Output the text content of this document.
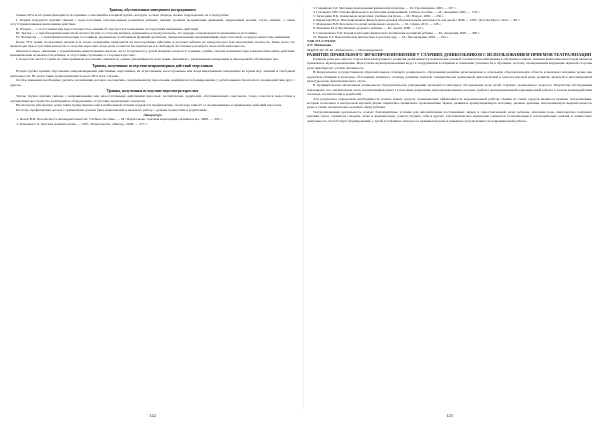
Травмы, обусловленные поведением пострадавшего

Свыше 40% всех травм приходится по причине, относящейся к первой группе, которую, в свою очередь, можно подразделить на 4 подгруппы:

I. Первая подгруппа причин связана с недостаточным сенсомоторным развитием ребенка: низким уровнем координации движений, нарушением зрения, слуха, памяти, а также отсутствием навыков выполнения действия.

II. Вторая — с отсутствием или недостаточностью знаний об опасности и возможных последствиях выбранных действий.

III. Третья — с преобладанием известной опасности или со стороны ребенка, неумением ее предусмотреть, что нередко сопровождается незнанием ее источника.

IV. Четвертая — с психофизиологическим состоянием, временным ослаблением функций организма, эмоциональными переживаниями, недостаточной сосредоточенностью внимания.

Более 70% травм, полученных детьми в-за своего поведения, приходится на неосторожные действия, в которых ребенок не предусмотрел или недооценил опасность. Чаще всего это происходит при отсутствии контроля со стороны взрослых, когда дети остаются без присмотра и в свободной обстановке реализуют свою любознательность.

Опасная в мере, связанная с ограниченным двигательным опытом, часто встречается у детей младшего возраста: падение, ушибы, порезы возникают при попытке выполнить действия, превышающие возможности ребенка, и отсутствии страховки со стороны взрослых.

С возрастом частота травм по этим причинам постепенно снижается, однако увеличивается доля травм, связанных с рискованным поведением и переоценкой собственных сил.

Травмы, полученные вследствие неправомерных действий сверстников

Вторая группа причин обусловлена неправомерными действиями сверстников, их агрессивным, неосторожным или неорганизованным поведением во время игр, занятий и свободной деятельности. На долю таких травм приходится около 20% всех случаев.

Особое внимание необходимо уделять организации детского коллектива, своевременному пресечению конфликтов и формированию у детей навыков безопасного взаимодействия друг с другом.

Травмы, полученные вследствие недосмотра взрослых

Третья группа причин связана с неправильными или недостаточными действиями взрослых: воспитателей, родителей, обслуживающего персонала. Сюда относятся недостатки в организации пространства, неисправное оборудование, отсутствие надлежащего контроля.

Несмотря на небольшую долю таких травм, именно они в наибольшей степени поддаются профилактике, поскольку зависят от своевременных и правильных действий взрослых.

Поэтому профилактика детского травматизма должна быть комплексной и включать работу с детьми, педагогами и родителями.

Литература

1. Белов В.И. Безопасность жизнедеятельности: Учебное пособие. — М.: Издательско-торговая корпорация «Дашков и К», 2008. — 352 с.
2. Бахарева Г.А. Детская травматология. — СПб.: Издательство «Питер», 2008. — 377 с.
122

3. Гаврищова Т.Д. Методика преподавания физической культуры. — М.: Просвещение, 2003. — 207 с.

4. Гуленкова Л.Ю. Основы физического воспитания дошкольников: учебное пособие. — М.: Академия, 2005. — 176 с.

5. Загвоздкин В.К. Дошкольная педагогика: учебник для вузов. — М.: Владос, 2002. — 256 с.

6. Кириллова Ю.А. Интегрированная физкультурно-речевая образовательная деятельность для детей с ОНР. — СПб.: Детство-Пресс, 2012. — 80 с.

7. Макаренко В.Н. Безопасность детей дошкольного возраста. — М.: Сфера, 2013. — 128 с.

8. Маханева М.Д. Воспитание здорового ребенка. — М.: Аркти, 2000. — 112 с.

9. Степаненкова Э.Я. Теория и методика физического воспитания и развития ребенка. — М.: Академия, 2005. — 368 с.

10. Юдина Е.Г. Педагогическая диагностика в детском саду. — М.: Просвещение, 2003. — 192 с.

УДК 373.2:376.833

Т.Л. Митюкова

МАДОУ ДС № 46 «Забавушка», г. Нижневартовск

РАЗВИТИЕ ПРАВИЛЬНОГО ЗВУКОПРОИЗНОШЕНИЯ У СТАРШИХ ДОШКОЛЬНИКОВ С ИСПОЛЬЗОВАНИЕМ ПРИЕМОВ ТЕАТРАЛИЗАЦИИ

Развитие речи как одна из сторон интеллектуального развития детей является показателем речевой готовности воспитанника к обучению в школе, важным компонентом которой является правильное звукопроизношение. Недостатки звукопроизношения ведут к затруднениям в общении и снижению успешности в обучении, поэтому своевременная коррекция звуковой стороны речи приобретает особую значимость.

В Федеральном государственном образовательном стандарте дошкольного образования развитие речи выделено в отдельную образовательную область и включает владение речью как средством общения и культуры, обогащение активного словаря, развитие связной, грамматически правильной диалогической и монологической речи, развитие звуковой и интонационной культуры речи, фонематического слуха.

В муниципальном автономном дошкольном образовательном учреждении проводится ежегодное обследование речи детей старшего дошкольного возраста. Результаты обследования показывают, что значительная часть воспитанников имеет те или иные нарушения звукопроизношения, которые требуют целенаправленной коррекционной работы в тесном взаимодействии логопеда, воспитателей и родителей.

Эти результаты определили необходимость поиска новых средств, повышающих эффективность коррекционной работы. Одним из таких средств являются приемы театрализации, которые позволяют в интересной игровой форме закреплять правильное произношение звуков, развивать артикуляционную моторику, речевое дыхание, интонационную выразительность речи, а также эмоционально-волевую сферу ребенка.

Театрализованная деятельность создает благоприятные условия для автоматизации поставленных звуков в самостоятельной речи: ребенок, исполняя роль, многократно повторяет реплики героя, стремится говорить четко и выразительно, учится слушать себя и других. Систематическое включение элементов театрализации в логопедические занятия и совместную деятельность способствует формированию у детей устойчивого интереса к правильной речи и повышает результативность коррекционной работы.

123
